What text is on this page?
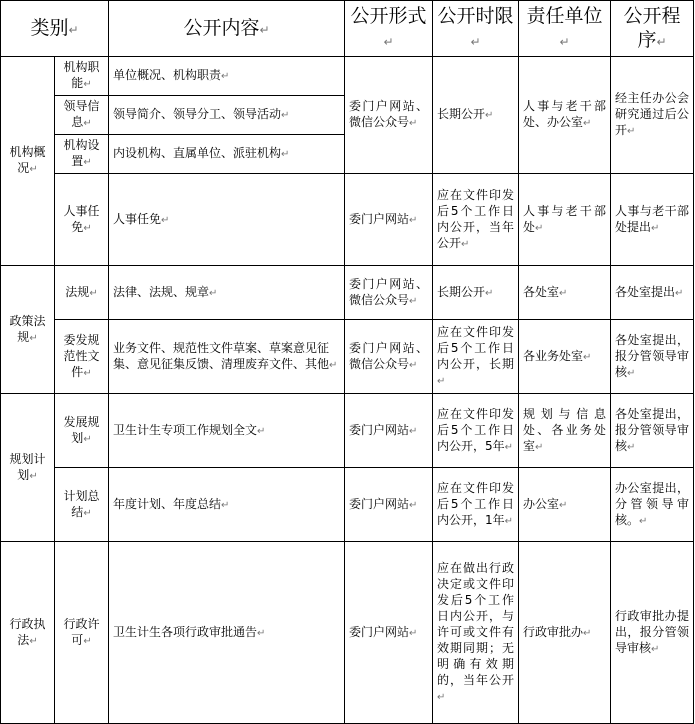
类别↵		公开内容↵	公开形式↵	公开时限↵	责任单位↵	公开程序↵
机构概况↵	机构职能↵	单位概况、机构职责↵	委门户网站、微信公众号↵	长期公开↵	人事与老干部处、办公室↵	经主任办公会研究通过后公开↵
	领导信息↵	领导简介、领导分工、领导活动↵				
	机构设置↵	内设机构、直属单位、派驻机构↵				
	人事任免↵	人事任免↵	委门户网站↵	应在文件印发后5个工作日内公开，当年公开↵	人事与老干部处↵	人事与老干部处提出↵
政策法规↵	法规↵	法律、法规、规章↵	委门户网站、微信公众号↵	长期公开↵	各处室↵	各处室提出↵
	委发规范性文件↵	业务文件、规范性文件草案、草案意见征集、意见征集反馈、清理废弃文件、其他↵	委门户网站、微信公众号↵	应在文件印发后5个工作日内公开，长期↵	各业务处室↵	各处室提出，报分管领导审核↵
规划计划↵	发展规划↵	卫生计生专项工作规划全文↵	委门户网站↵	应在文件印发后5个工作日内公开，5年↵	规划与信息处、各业务处室↵	各处室提出，报分管领导审核↵
	计划总结↵	年度计划、年度总结↵	委门户网站↵	应在文件印发后5个工作日内公开，1年↵	办公室↵	办公室提出，分管领导审核。↵
行政执法↵	行政许可↵	卫生计生各项行政审批通告↵	委门户网站↵	应在做出行政决定或文件印发后5个工作日内公开，与许可或文件有效期同期；无明确有效期的，当年公开↵	行政审批办↵	行政审批办提出，报分管领导审核↵
